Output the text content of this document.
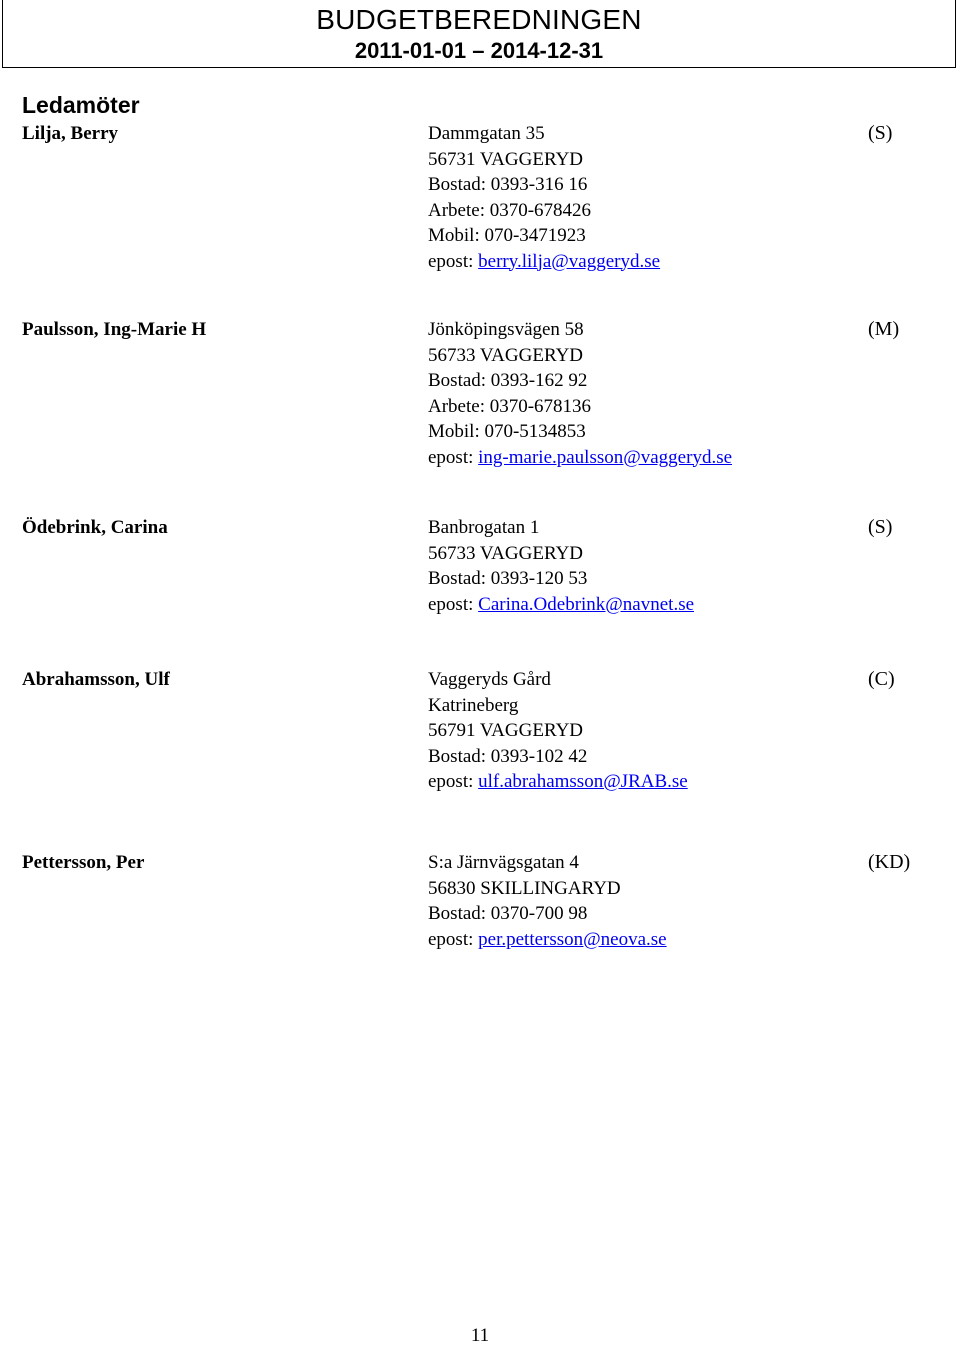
BUDGETBEREDNINGEN
2011-01-01 – 2014-12-31
Ledamöter
Lilja, Berry	Dammgatan 35
56731 VAGGERYD
Bostad: 0393-316 16
Arbete: 0370-678426
Mobil: 070-3471923
epost: berry.lilja@vaggeryd.se
(S)
Paulsson, Ing-Marie H	Jönköpingsvägen 58
56733 VAGGERYD
Bostad: 0393-162 92
Arbete: 0370-678136
Mobil: 070-5134853
epost: ing-marie.paulsson@vaggeryd.se
(M)
Ödebrink, Carina	Banbrogatan 1
56733 VAGGERYD
Bostad: 0393-120 53
epost: Carina.Odebrink@navnet.se
(S)
Abrahamsson, Ulf	Vaggeryds Gård
Katrineberg
56791 VAGGERYD
Bostad: 0393-102 42
epost: ulf.abrahamsson@JRAB.se
(C)
Pettersson, Per	S:a Järnvägsgatan 4
56830 SKILLINGARYD
Bostad: 0370-700 98
epost: per.pettersson@neova.se
(KD)
11
